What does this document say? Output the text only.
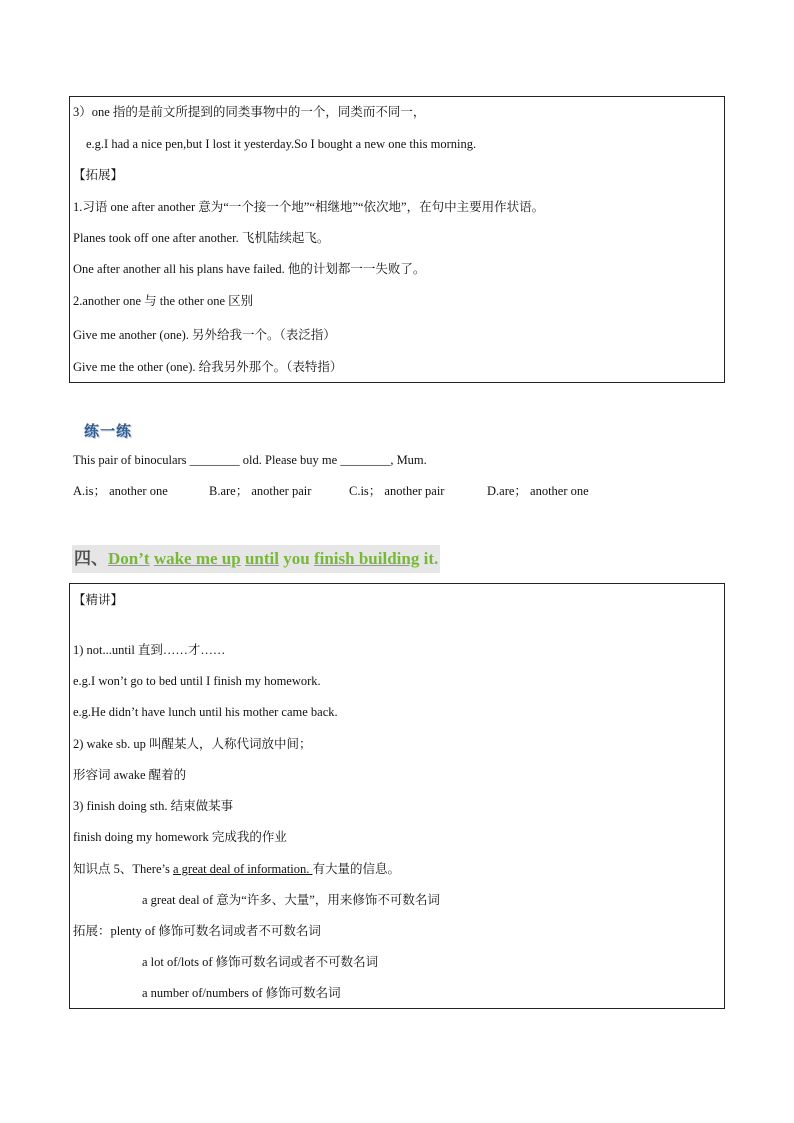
3）one 指的是前文所提到的同类事物中的一个，同类而不同一，
e.g.I had a nice pen,but I lost it yesterday.So I bought a new one this morning.
【拓展】
1.习语 one after another 意为“一个接一个地”“相继地”“依次地”，在句中主要用作状语。
Planes took off one after another. 飞机陆续起飞。
One after another all his plans have failed. 他的计划都一一失败了。
2.another one 与 the other one 区别
Give me another (one). 另外给我一个。（表泛指）
Give me the other (one). 给我另外那个。（表特指）
练一练
This pair of binoculars ________ old. Please buy me ________, Mum.
A.is； another one	B.are； another pair	C.is； another pair	D.are； another one
四、Don’t wake me up until you finish building it.
【精讲】
1) not...until 直到……才……
e.g.I won’t go to bed until I finish my homework.
e.g.He didn’t have lunch until his mother came back.
2) wake sb. up 叫醒某人，人称代词放中间；
形容词 awake 醒着的
3) finish doing sth. 结束做某事
finish doing my homework 完成我的作业
知识点 5、There’s a great deal of information. 有大量的信息。
a great deal of 意为“许多、大量”，用来修饰不可数名词
拓展：plenty of 修饰可数名词或者不可数名词
a lot of/lots of 修饰可数名词或者不可数名词
a number of/numbers of 修饰可数名词
